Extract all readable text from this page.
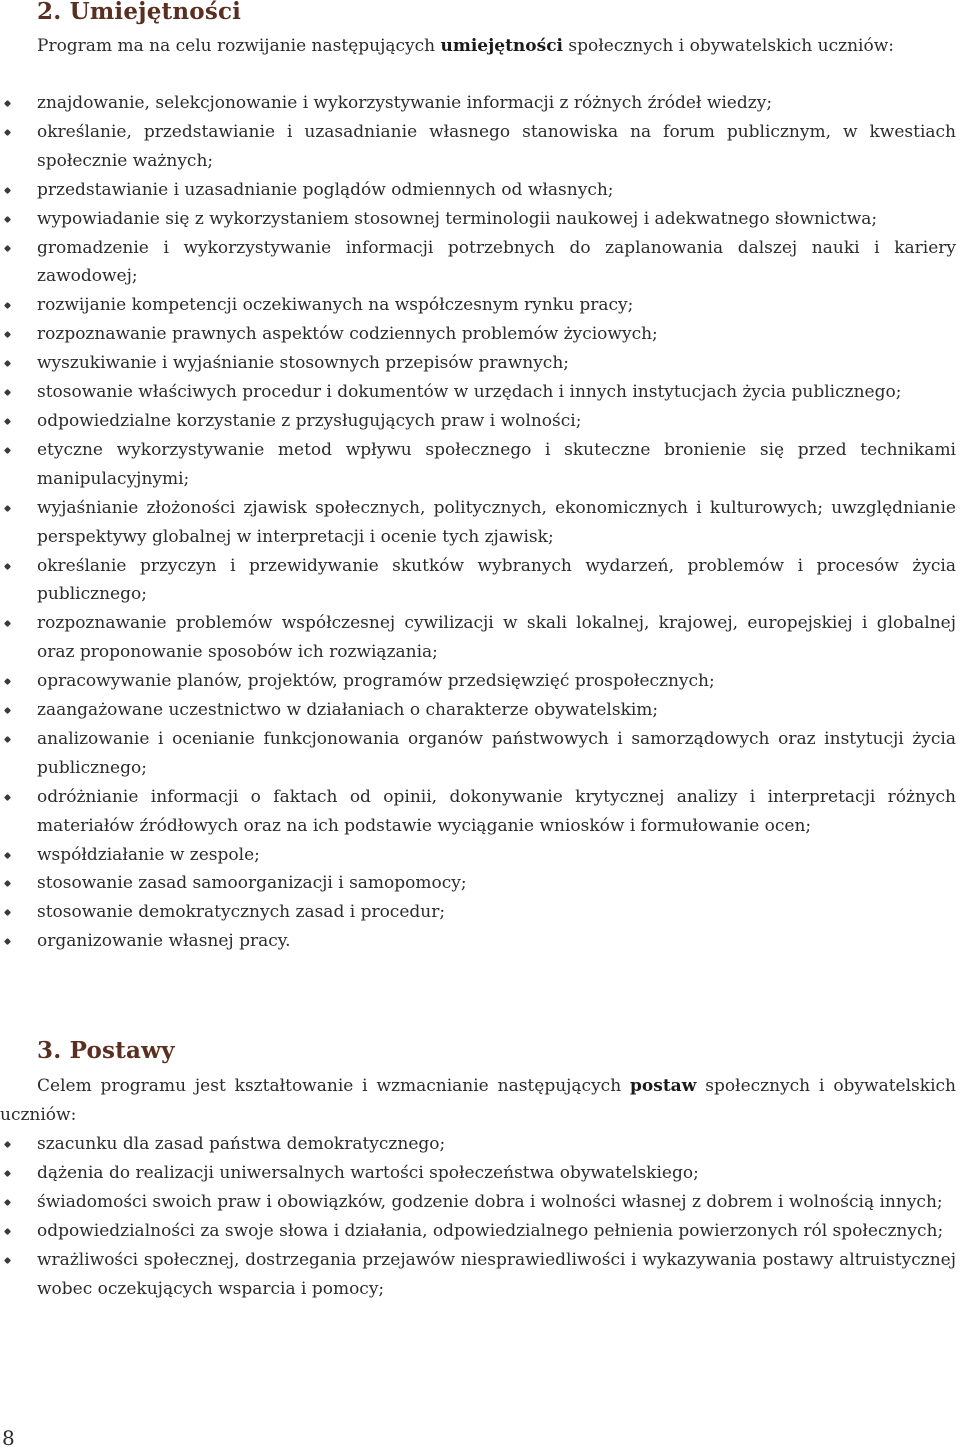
2. Umiejętności

Program ma na celu rozwijanie następujących umiejętności społecznych i obywatelskich uczniów:

znajdowanie, selekcjonowanie i wykorzystywanie informacji z różnych źródeł wiedzy;
określanie, przedstawianie i uzasadnianie własnego stanowiska na forum publicznym, w kwestiach społecznie ważnych;
przedstawianie i uzasadnianie poglądów odmiennych od własnych;
wypowiadanie się z wykorzystaniem stosownej terminologii naukowej i adekwatnego słownictwa;
gromadzenie i wykorzystywanie informacji potrzebnych do zaplanowania dalszej nauki i kariery zawodowej;
rozwijanie kompetencji oczekiwanych na współczesnym rynku pracy;
rozpoznawanie prawnych aspektów codziennych problemów życiowych;
wyszukiwanie i wyjaśnianie stosownych przepisów prawnych;
stosowanie właściwych procedur i dokumentów w urzędach i innych instytucjach życia publicznego;
odpowiedzialne korzystanie z przysługujących praw i wolności;
etyczne wykorzystywanie metod wpływu społecznego i skuteczne bronienie się przed technikami manipulacyjnymi;
wyjaśnianie złożoności zjawisk społecznych, politycznych, ekonomicznych i kulturowych; uwzględnianie perspektywy globalnej w interpretacji i ocenie tych zjawisk;
określanie przyczyn i przewidywanie skutków wybranych wydarzeń, problemów i procesów życia publicznego;
rozpoznawanie problemów współczesnej cywilizacji w skali lokalnej, krajowej, europejskiej i globalnej oraz proponowanie sposobów ich rozwiązania;
opracowywanie planów, projektów, programów przedsięwzięć prospołecznych;
zaangażowane uczestnictwo w działaniach o charakterze obywatelskim;
analizowanie i ocenianie funkcjonowania organów państwowych i samorządowych oraz instytucji życia publicznego;
odróżnianie informacji o faktach od opinii, dokonywanie krytycznej analizy i interpretacji różnych materiałów źródłowych oraz na ich podstawie wyciąganie wniosków i formułowanie ocen;
współdziałanie w zespole;
stosowanie zasad samoorganizacji i samopomocy;
stosowanie demokratycznych zasad i procedur;
organizowanie własnej pracy.
3. Postawy

Celem programu jest kształtowanie i wzmacnianie następujących postaw społecznych i obywatelskich uczniów:

szacunku dla zasad państwa demokratycznego;
dążenia do realizacji uniwersalnych wartości społeczeństwa obywatelskiego;
świadomości swoich praw i obowiązków, godzenie dobra i wolności własnej z dobrem i wolnością innych;
odpowiedzialności za swoje słowa i działania, odpowiedzialnego pełnienia powierzonych ról społecznych;
wrażliwości społecznej, dostrzegania przejawów niesprawiedliwości i wykazywania postawy altruistycznej wobec oczekujących wsparcia i pomocy;
8
